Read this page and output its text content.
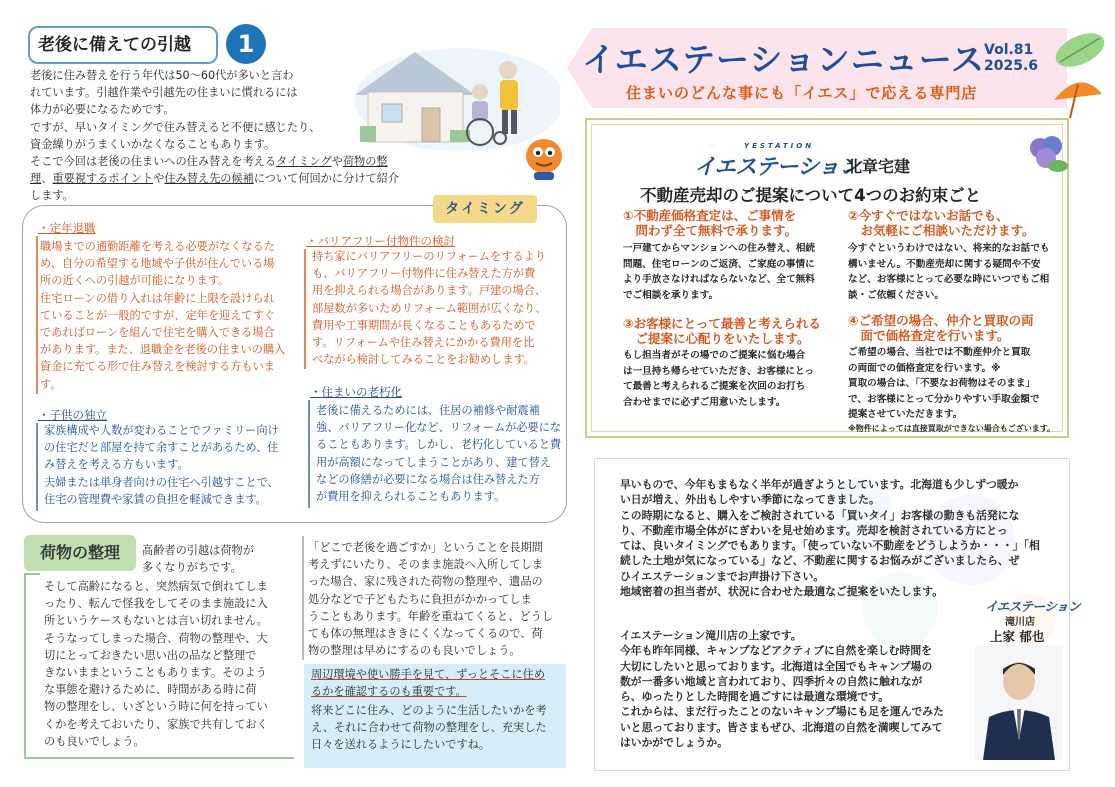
老後に備えての引越	1
老後に住み替えを行う年代は50～60代が多いと言わ
れています。引越作業や引越先の住まいに慣れるには
体力が必要になるためです。
ですが、早いタイミングで住み替えると不便に感じたり、
資金繰りがうまくいかなくなることもあります。
そこで今回は老後の住まいへの住み替えを考えるタイミングや荷物の整
理、重要視するポイントや住み替え先の候補について何回かに分けて紹介
します。
タイミング
・定年退職
職場までの通勤距離を考える必要がなくなるた
め、自分の希望する地域や子供が住んでいる場
所の近くへの引越が可能になります。
住宅ローンの借り入れは年齢に上限を設けられ
ていることが一般的ですが、定年を迎えてすぐ
であればローンを組んで住宅を購入できる場合
があります。また、退職金を老後の住まいの購入
資金に充てる形で住み替えを検討する方もいま
す。
・子供の独立
家族構成や人数が変わることでファミリー向け
の住宅だと部屋を持て余すことがあるため、住
み替えを考える方もいます。
夫婦または単身者向けの住宅へ引越すことで、
住宅の管理費や家賃の負担を軽減できます。
・バリアフリー付物件の検討
持ち家にバリアフリーのリフォームをするより
も、バリアフリー付物件に住み替えた方が費
用を抑えられる場合があります。戸建の場合、
部屋数が多いためリフォーム範囲が広くなり、
費用や工事期間が長くなることもあるためで
す。リフォームや住み替えにかかる費用を比
べながら検討してみることをお勧めします。
・住まいの老朽化
老後に備えるためには、住居の補修や耐震補
強、バリアフリー化など、リフォームが必要にな
ることもあります。しかし、老朽化していると費
用が高額になってしまうことがあり、建て替え
などの修繕が必要になる場合は住み替えた方
が費用を抑えられることもあります。
荷物の整理	高齢者の引越は荷物が
多くなりがちです。
そして高齢になると、突然病気で倒れてしま
ったり、転んで怪我をしてそのまま施設に入
所というケースもないとは言い切れません。
そうなってしまった場合、荷物の整理や、大
切にとっておきたい思い出の品など整理で
きないままということもあります。そのよう
な事態を避けるために、時間がある時に荷
物の整理をし、いざという時に何を持ってい
くかを考えておいたり、家族で共有しておく
のも良いでしょう。
「どこで老後を過ごすか」ということを長期間
考えずにいたり、そのまま施設へ入所してしま
った場合、家に残された荷物の整理や、遺品の
処分などで子どもたちに負担がかかってしま
うこともあります。年齢を重ねてくると、どうし
ても体の無理はききにくくなってくるので、荷
物の整理は早めにするのも良いでしょう。
周辺環境や使い勝手を見て、ずっとそこに住め
るかを確認するのも重要です。
将来どこに住み、どのように生活したいかを考
え、それに合わせて荷物の整理をし、充実した
日々を送れるようにしたいですね。
イエステーションニュース
Vol.81
2025.6
住まいのどんな事にも「イエス」で応える専門店
YESTATION
イエステーション
北章宅建
不動産売却のご提案について4つのお約束ごと
①不動産価格査定は、ご事情を
　問わず全て無料で承ります。
一戸建てからマンションへの住み替え、相続
問題、住宅ローンのご返済、ご家庭の事情に
より手放さなければならないなど、全て無料
でご相談を承ります。
②今すぐではないお話でも、
　お気軽にご相談いただけます。
今すぐというわけではない、将来的なお話でも
構いません。不動産売却に関する疑問や不安
など、お客様にとって必要な時にいつでもご相
談・ご依頼ください。
③お客様にとって最善と考えられる
　ご提案に心配りをいたします。
もし担当者がその場でのご提案に悩む場合
は一旦持ち帰らせていただき、お客様にとっ
て最善と考えられるご提案を次回のお打ち
合わせまでに必ずご用意いたします。
④ご希望の場合、仲介と買取の両
　面で価格査定を行います。
ご希望の場合、当社では不動産仲介と買取
の両面での価格査定を行います。※
買取の場合は、「不要なお荷物はそのまま」
で、お客様にとって分かりやすい手取金額で
提案させていただきます。
※物件によっては直接買取ができない場合もございます。
早いもので、今年もまもなく半年が過ぎようとしています。北海道も少しずつ暖か
い日が増え、外出もしやすい季節になってきました。
この時期になると、購入をご検討されている「買いタイ」お客様の動きも活発にな
り、不動産市場全体がにぎわいを見せ始めます。売却を検討されている方にとっ
ては、良いタイミングでもあります。「使っていない不動産をどうしようか・・・」「相
続した土地が気になっている」など、不動産に関するお悩みがございましたら、ぜ
ひイエステーションまでお声掛け下さい。
地域密着の担当者が、状況に合わせた最適なご提案をいたします。
イエステーション
滝川店
上家 郁也
イエステーション滝川店の上家です。
今年も昨年同様、キャンプなどアクティブに自然を楽しむ時間を
大切にしたいと思っております。北海道は全国でもキャンプ場の
数が一番多い地域と言われており、四季折々の自然に触れなが
ら、ゆったりとした時間を過ごすには最適な環境です。
これからは、まだ行ったことのないキャンプ場にも足を運んでみた
いと思っております。皆さまもぜひ、北海道の自然を満喫してみて
はいかがでしょうか。
